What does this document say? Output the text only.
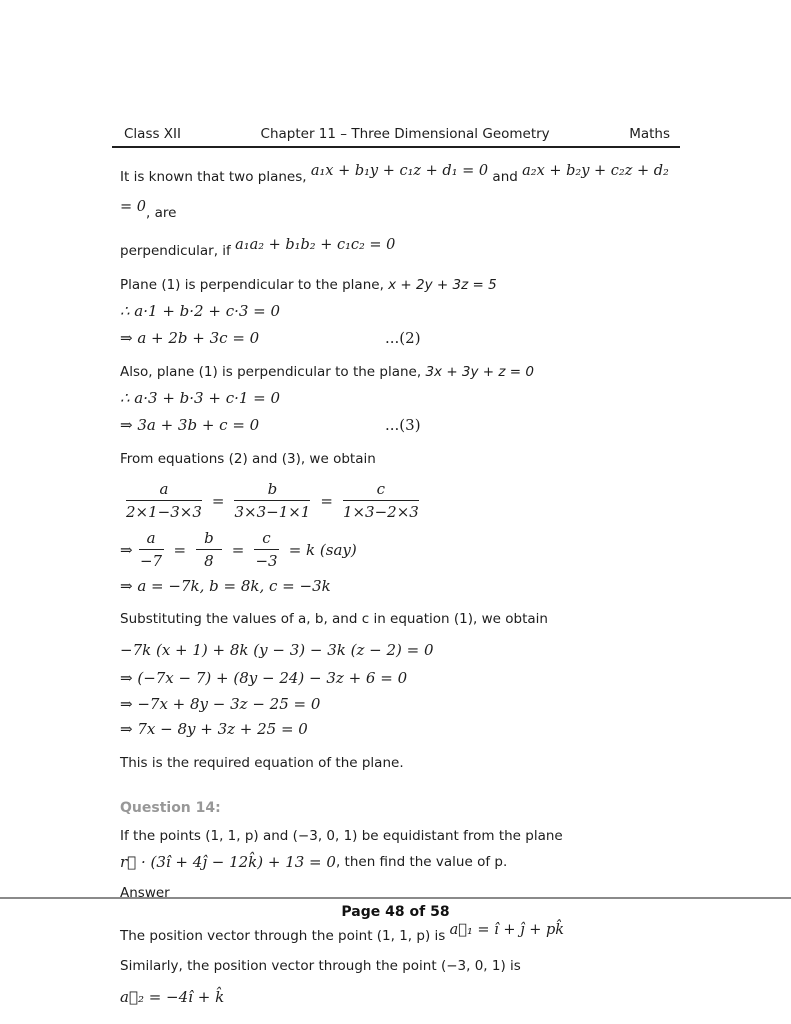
Class XII	Chapter 11 – Three Dimensional Geometry	Maths
It is known that two planes, a₁x + b₁y + c₁z + d₁ = 0 and a₂x + b₂y + c₂z + d₂ = 0, are
perpendicular, if a₁a₂ + b₁b₂ + c₁c₂ = 0
Plane (1) is perpendicular to the plane, x + 2y + 3z = 5
∴ a·1 + b·2 + c·3 = 0
⇒ a + 2b + 3c = 0	...(2)
Also, plane (1) is perpendicular to the plane, 3x + 3y + z = 0
∴ a·3 + b·3 + c·1 = 0
⇒ 3a + 3b + c = 0	...(3)
From equations (2) and (3), we obtain
$\frac{a}{2\times 1-3\times 3} = \frac{b}{3\times 3-1\times 1} = \frac{c}{1\times 3-2\times 3}$
⇒ $\frac{a}{-7} = \frac{b}{8} = \frac{c}{-3} = k$ (say)
⇒ a = −7k, b = 8k, c = −3k
Substituting the values of a, b, and c in equation (1), we obtain
−7k (x + 1) + 8k (y − 3) − 3k (z − 2) = 0
⇒ (−7x − 7) + (8y − 24) − 3z + 6 = 0
⇒ −7x + 8y − 3z − 25 = 0
⇒ 7x − 8y + 3z + 25 = 0
This is the required equation of the plane.
Question 14:
If the points (1, 1, p) and (−3, 0, 1) be equidistant from the plane
r⃗ · (3î + 4ĵ − 12k̂) + 13 = 0 , then find the value of p.
Answer
The position vector through the point (1, 1, p) is a⃗₁ = î + ĵ + pk̂
Similarly, the position vector through the point (−3, 0, 1) is
a⃗₂ = −4î + k̂
Page 48 of 58
